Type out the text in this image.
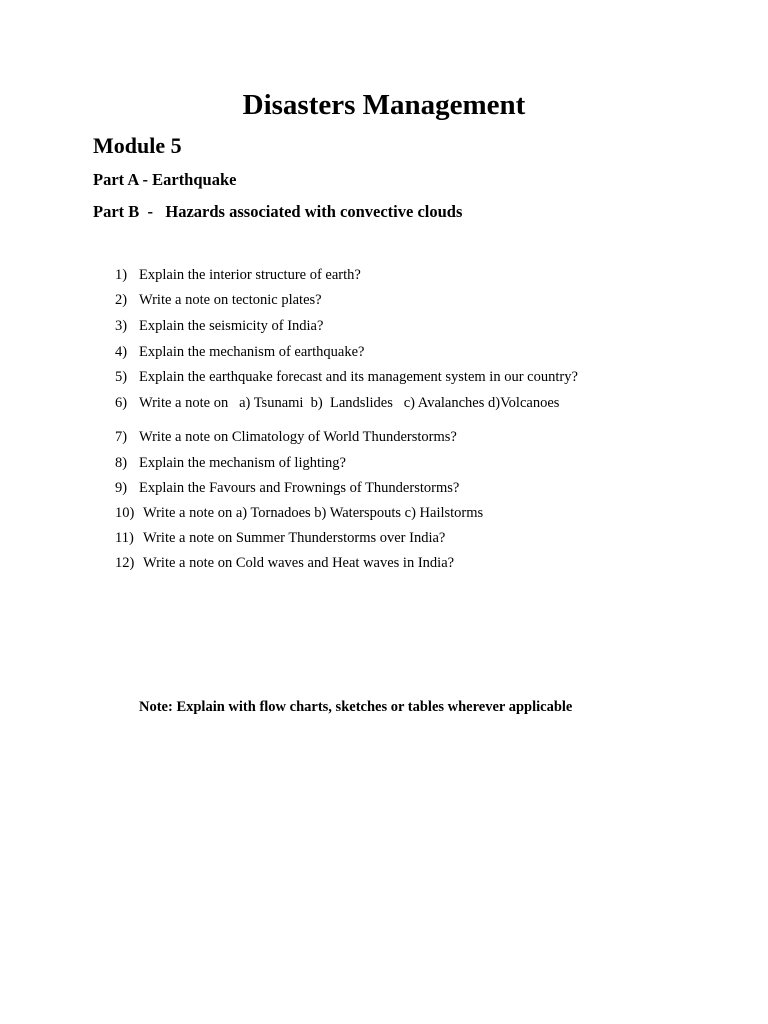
Disasters Management
Module 5
Part A - Earthquake
Part B  -   Hazards associated with convective clouds
1) Explain the interior structure of earth?
2) Write a note on tectonic plates?
3) Explain the seismicity of India?
4) Explain the mechanism of earthquake?
5) Explain the earthquake forecast and its management system in our country?
6) Write a note on   a) Tsunami  b)  Landslides   c) Avalanches d)Volcanoes
7) Write a note on Climatology of World Thunderstorms?
8) Explain the mechanism of lighting?
9) Explain the Favours and Frownings of Thunderstorms?
10) Write a note on a) Tornadoes b) Waterspouts c) Hailstorms
11) Write a note on Summer Thunderstorms over India?
12) Write a note on Cold waves and Heat waves in India?

Note: Explain with flow charts, sketches or tables wherever applicable
